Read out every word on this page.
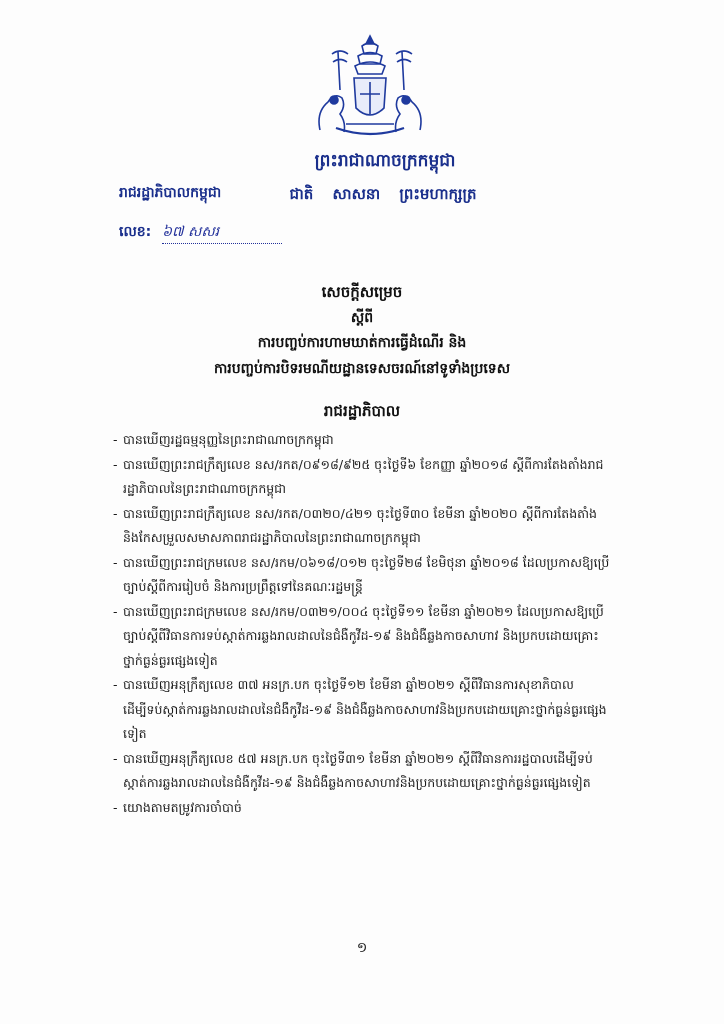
ព្រះរាជាណាចក្រកម្ពុជា
ជាតិ សាសនា ព្រះមហាក្សត្រ
រាជរដ្ឋាភិបាលកម្ពុជា
លេខ: ៦៧ សសរ
សេចក្តីសម្រេច
ស្តីពី
ការបញ្ចប់ការហាមឃាត់ការធ្វើដំណើរ និង
ការបញ្ចប់ការបិទរមណីយដ្ឋានទេសចរណ៍នៅទូទាំងប្រទេស
រាជរដ្ឋាភិបាល
- បានឃើញរដ្ឋធម្មនុញ្ញនៃព្រះរាជាណាចក្រកម្ពុជា
- បានឃើញព្រះរាជក្រឹត្យលេខ នស/រកត/០៩១៨/៩២៥ ចុះថ្ងៃទី៦ ខែកញ្ញា ឆ្នាំ២០១៨ ស្តីពីការតែងតាំងរាជរដ្ឋាភិបាលនៃព្រះរាជាណាចក្រកម្ពុជា
- បានឃើញព្រះរាជក្រឹត្យលេខ នស/រកត/០៣២០/៤២១ ចុះថ្ងៃទី៣០ ខែមីនា ឆ្នាំ២០២០ ស្តីពីការតែងតាំង និងកែសម្រួលសមាសភាពរាជរដ្ឋាភិបាលនៃព្រះរាជាណាចក្រកម្ពុជា
- បានឃើញព្រះរាជក្រមលេខ នស/រកម/០៦១៨/០១២ ចុះថ្ងៃទី២៨ ខែមិថុនា ឆ្នាំ២០១៨ ដែលប្រកាសឱ្យប្រើច្បាប់ស្តីពីការរៀបចំ និងការប្រព្រឹត្តទៅនៃគណៈរដ្ឋមន្ត្រី
- បានឃើញព្រះរាជក្រមលេខ នស/រកម/០៣២១/០០៤ ចុះថ្ងៃទី១១ ខែមីនា ឆ្នាំ២០២១ ដែលប្រកាសឱ្យប្រើច្បាប់ស្តីពីវិធានការទប់ស្កាត់ការឆ្លងរាលដាលនៃជំងឺកូវីដ-១៩ និងជំងឺឆ្លងកាចសាហាវ និងប្រកបដោយគ្រោះថ្នាក់ធ្ងន់ធ្ងរផ្សេងទៀត
- បានឃើញអនុក្រឹត្យលេខ ៣៧ អនក្រ.បក ចុះថ្ងៃទី១២ ខែមីនា ឆ្នាំ២០២១ ស្តីពីវិធានការសុខាភិបាលដើម្បីទប់ស្កាត់ការឆ្លងរាលដាលនៃជំងឺកូវីដ-១៩ និងជំងឺឆ្លងកាចសាហាវនិងប្រកបដោយគ្រោះថ្នាក់ធ្ងន់ធ្ងរផ្សេងទៀត
- បានឃើញអនុក្រឹត្យលេខ ៥៧ អនក្រ.បក ចុះថ្ងៃទី៣១ ខែមីនា ឆ្នាំ២០២១ ស្តីពីវិធានការរដ្ឋបាលដើម្បីទប់ស្កាត់ការឆ្លងរាលដាលនៃជំងឺកូវីដ-១៩ និងជំងឺឆ្លងកាចសាហាវនិងប្រកបដោយគ្រោះថ្នាក់ធ្ងន់ធ្ងរផ្សេងទៀត
- យោងតាមតម្រូវការចាំបាច់
១
